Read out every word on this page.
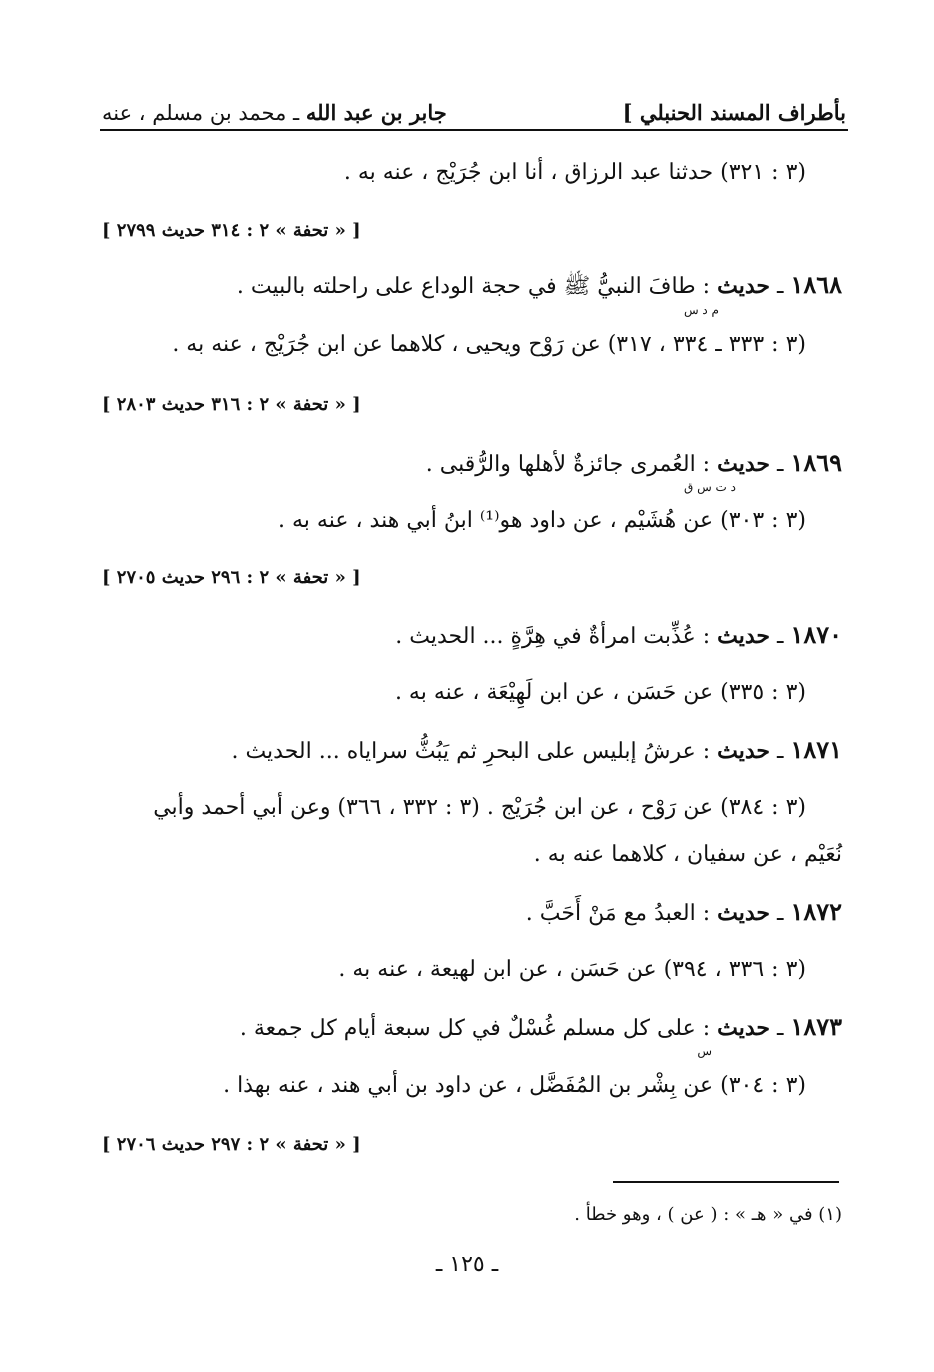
بأطراف المسند الحنبلي ]
جابر بن عبد الله ـ محمد بن مسلم ، عنه
(٣ : ٣٢١) حدثنا عبد الرزاق ، أنا ابن جُرَيْج ، عنه به .
[ « تحفة » ٢ : ٣١٤ حديث ٢٧٩٩ ]
١٨٦٨ ـ حديث : طافَ النبيُّ ﷺ في حجة الوداع على راحلته بالبيت .
م د س
(٣ : ٣٣٣ ـ ٣٣٤ ، ٣١٧) عن رَوْح ويحيى ، كلاهما عن ابن جُرَيْج ، عنه به .
[ « تحفة » ٢ : ٣١٦ حديث ٢٨٠٣ ]
١٨٦٩ ـ حديث : العُمرى جائزةٌ لأهلها والرُّقبى .
د ت س ق
(٣ : ٣٠٣) عن هُشَيْم ، عن داود هو⁽¹⁾ ابنُ أبي هند ، عنه به .
[ « تحفة » ٢ : ٢٩٦ حديث ٢٧٠٥ ]
١٨٧٠ ـ حديث : عُذِّبت امرأةٌ في هِرَّةٍ ... الحديث .
(٣ : ٣٣٥) عن حَسَن ، عن ابن لَهِيْعَة ، عنه به .
١٨٧١ ـ حديث : عرشُ إبليس على البحرِ ثم يَبُثُّ سراياه ... الحديث .
(٣ : ٣٨٤) عن رَوْح ، عن ابن جُرَيْج . (٣ : ٣٣٢ ، ٣٦٦) وعن أبي أحمد وأبي
نُعَيْم ، عن سفيان ، كلاهما عنه به .
١٨٧٢ ـ حديث : العبدُ مع مَنْ أَحَبَّ .
(٣ : ٣٣٦ ، ٣٩٤) عن حَسَن ، عن ابن لهيعة ، عنه به .
١٨٧٣ ـ حديث : على كل مسلم غُسْلٌ في كل سبعة أيام كل جمعة .
س
(٣ : ٣٠٤) عن بِشْر بن المُفَضَّل ، عن داود بن أبي هند ، عنه بهذا .
[ « تحفة » ٢ : ٢٩٧ حديث ٢٧٠٦ ]
(١) في « هـ » : ( عن ) ، وهو خطأ .
ـ ١٢٥ ـ
